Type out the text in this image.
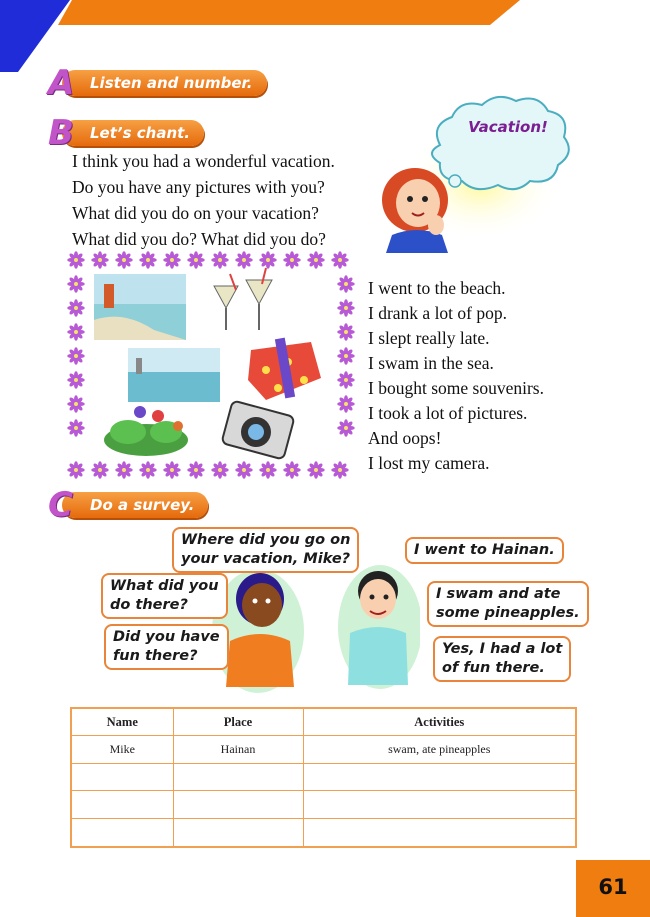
Listen and number.
A
Let’s chant.
B
I think you had a wonderful vacation.
Do you have any pictures with you?
What did you do on your vacation?
What did you do? What did you do?
Vacation!
I went to the beach.
I drank a lot of pop.
I slept really late.
I swam in the sea.
I bought some souvenirs.
I took a lot of pictures.
And oops!
I lost my camera.
Do a survey.
C
Where did you go on
your vacation, Mike?
What did you
do there?
Did you have
fun there?
I went to Hainan.
I swam and ate
some pineapples.
Yes, I had a lot
of fun there.
Name	Place	Activities
Mike	Hainan	swam, ate pineapples

61
